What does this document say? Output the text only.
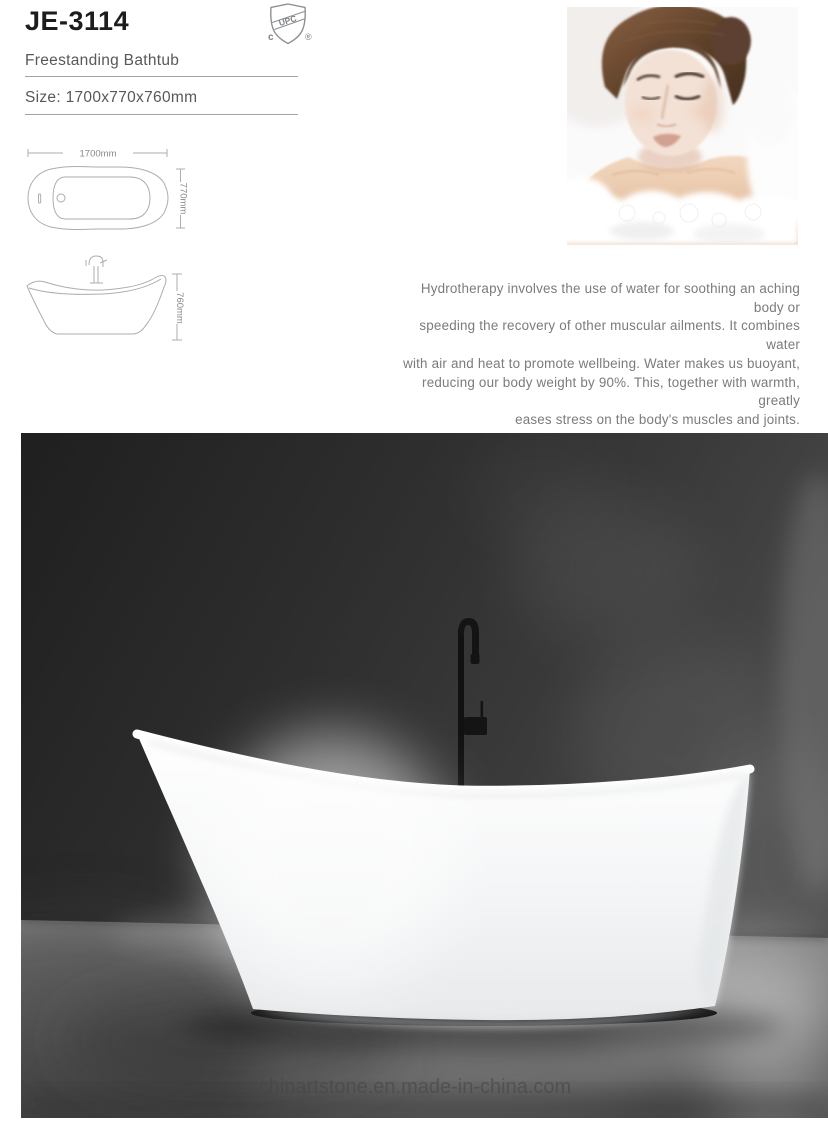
JE-3114	UPC
c	®
Freestanding Bathtub
Size: 1700x770x760mm
1700mm
770mm
760mm
Hydrotherapy involves the use of water for soothing an aching body or
speeding the recovery of other muscular ailments. It combines water
with air and heat to promote wellbeing. Water makes us buoyant,
reducing our body weight by 90%. This, together with warmth, greatly
eases stress on the body's muscles and joints.
chinartstone.en.made-in-china.com
